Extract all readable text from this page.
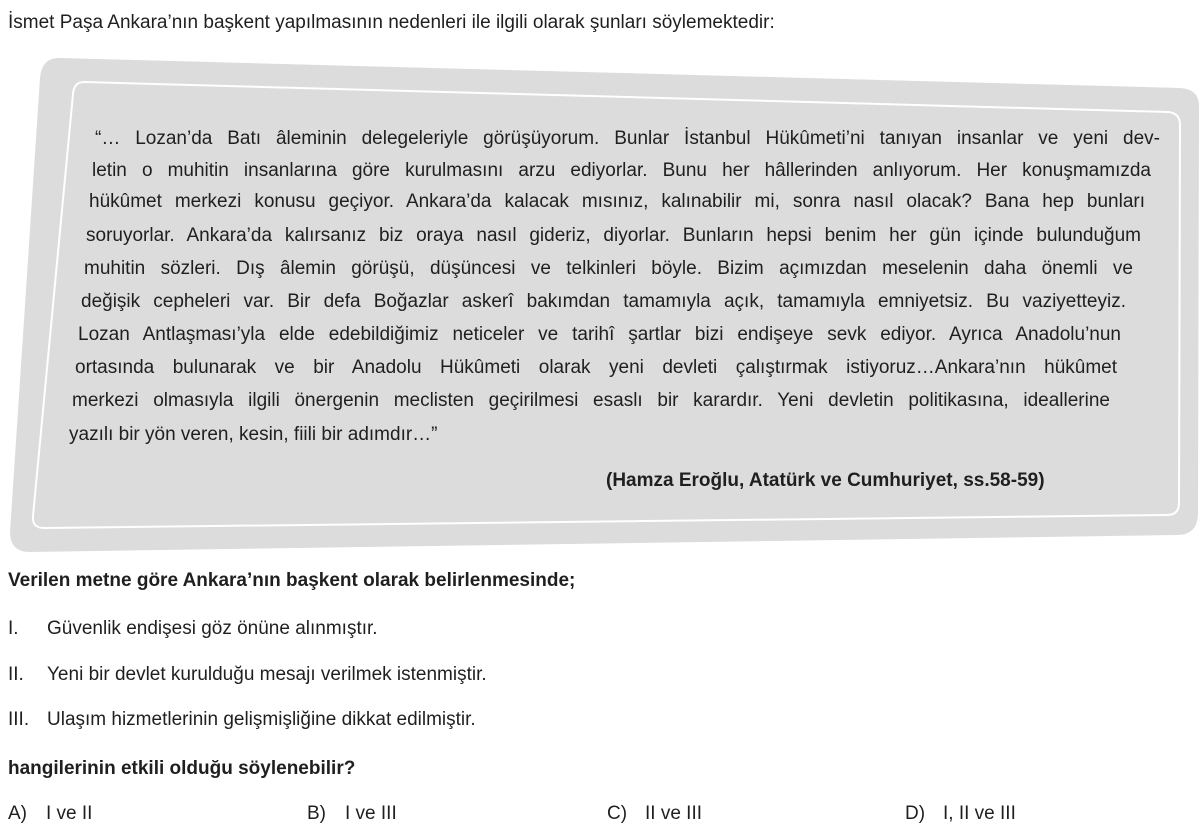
İsmet Paşa Ankara’nın başkent yapılmasının nedenleri ile ilgili olarak şunları söylemektedir:
“… Lozan’da Batı âleminin delegeleriyle görüşüyorum. Bunlar İstanbul Hükûmeti’ni tanıyan insanlar ve yeni dev-
letin o muhitin insanlarına göre kurulmasını arzu ediyorlar. Bunu her hâllerinden anlıyorum. Her konuşmamızda
hükûmet merkezi konusu geçiyor. Ankara’da kalacak mısınız, kalınabilir mi, sonra nasıl olacak? Bana hep bunları
soruyorlar. Ankara’da kalırsanız biz oraya nasıl gideriz, diyorlar. Bunların hepsi benim her gün içinde bulunduğum
muhitin sözleri. Dış âlemin görüşü, düşüncesi ve telkinleri böyle. Bizim açımızdan meselenin daha önemli ve
değişik cepheleri var. Bir defa Boğazlar askerî bakımdan tamamıyla açık, tamamıyla emniyetsiz. Bu vaziyetteyiz.
Lozan Antlaşması’yla elde edebildiğimiz neticeler ve tarihî şartlar bizi endişeye sevk ediyor. Ayrıca Anadolu’nun
ortasında bulunarak ve bir Anadolu Hükûmeti olarak yeni devleti çalıştırmak istiyoruz…Ankara’nın hükûmet
merkezi olmasıyla ilgili önergenin meclisten geçirilmesi esaslı bir karardır. Yeni devletin politikasına, ideallerine
yazılı bir yön veren, kesin, fiili bir adımdır…”
(Hamza Eroğlu, Atatürk ve Cumhuriyet, ss.58-59)
Verilen metne göre Ankara’nın başkent olarak belirlenmesinde;
I. Güvenlik endişesi göz önüne alınmıştır.
II. Yeni bir devlet kurulduğu mesajı verilmek istenmiştir.
III. Ulaşım hizmetlerinin gelişmişliğine dikkat edilmiştir.
hangilerinin etkili olduğu söylenebilir?
A) I ve II	B) I ve III	C) II ve III	D) I, II ve III
